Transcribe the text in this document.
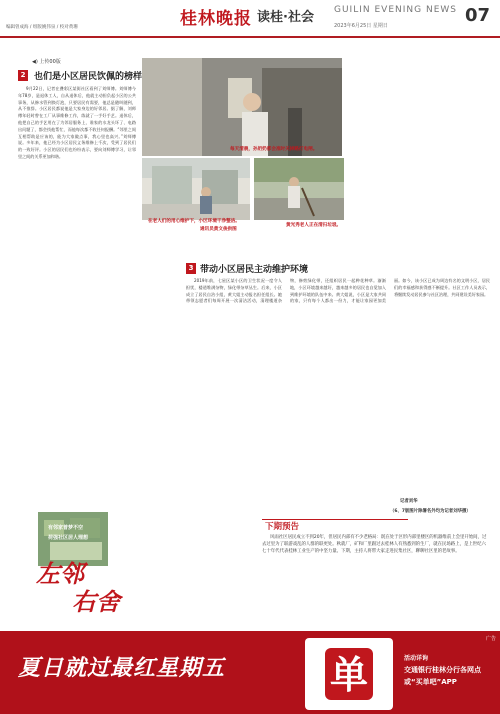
编辑曾成海 / 组版姚伟泉 / 校对黄珊	桂林晚报 读桂·社会 GUILIN EVENING NEWS
2023年6月25日 星期日	07
◀) 上传00版
2 也们是小区居民饮佩的榜样
9月22日，记者在叠彩区某街社区看到了刘师傅。刘师傅今年78岁，是退休工人，自从退休后，他就主动担负起小区的公共事务，从修水管到换灯泡，只要居民有需要，他总是随叫随到，从不推辞。小区居民都说他是大家身边的好邻居。据了解，刘师傅年轻时曾在工厂从事维修工作，练就了一手好手艺。退休后，他把自己的手艺用在了为邻居服务上，谁家的水龙头坏了、电路出问题了，都会找他帮忙，而他每次都不收任何报酬。“邻里之间互相帮助是应该的，能为大家做点事，我心里也高兴。”刘师傅说。多年来，他已经为小区居民义务维修上千次，受到了居民们的一致好评。小区的居民们也纷纷表示，要向刘师傅学习，让邻里之间的关系更加和谐。
每天清晨，孙奶奶都会准时关掉路灯电闸。
在老人们的用心维护下，小区环境干净整洁。
通讯员黄文俊供图
黄光秀老人正在清扫垃圾。
3 带动小区居民主动维护环境
2019年前，七星区某小区的卫生状况一度令人担忧，楼道堆满杂物，绿化带杂草丛生。后来，小区成立了居民自治小组，黄大姐主动报名担任组长。她带领志愿者们每周开展一次清洁活动，清理楼道杂物，修剪绿化带，还组织居民一起种花种草。渐渐地，小区环境越来越好，越来越多的居民也自觉加入到维护环境的队伍中来。黄大姐说，小区是大家共同的家，只有每个人都出一份力，才能让家园更加美丽。如今，该小区已成为周边有名的文明小区，居民们的幸福感和获得感不断提升。社区工作人员表示，将继续发动居民参与社区治理，共同建设美好家园。
记者刘华
（6、7版图片除署名外均为记者刘华摄）
下期预告
风雨社区居民成立不到20年，但居民内部有不少老格局：既在处于区形内部里楼区的机器维前上会里开始间，过去过里为了联游戏乱的人群的联更处。秋就厂，矿和厂里跟过去桂林人有熟悉到的生厂，就在民场路上，是上世纪六七十年代代表桂林工业生产的中坚力量。下期，主持人将带大家走进民集社区，聊聊社区里的老故事。
有邻家普梦不空
荷强社区居人理想
左邻
右舍
广告
夏日就过最红星期五	单	活动详询
交通银行桂林分行各网点
或“买单吧”APP
